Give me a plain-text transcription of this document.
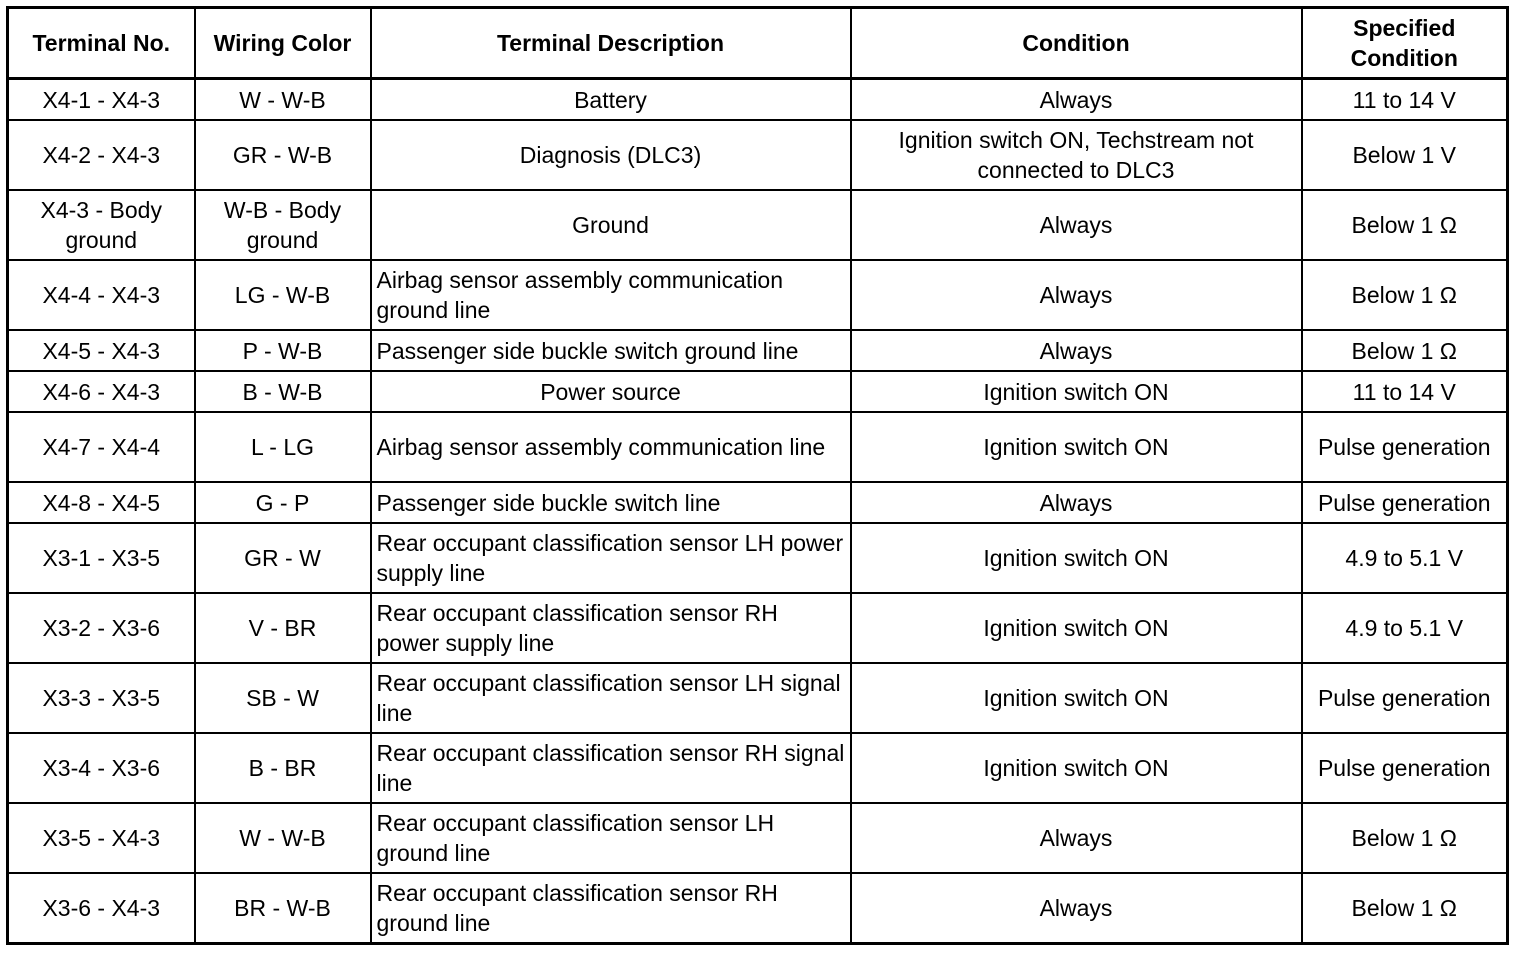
Terminal No.	Wiring Color	Terminal Description	Condition	Specified Condition
X4-1 - X4-3	W - W-B	Battery	Always	11 to 14 V
X4-2 - X4-3	GR - W-B	Diagnosis (DLC3)	Ignition switch ON, Techstream not connected to DLC3	Below 1 V
X4-3 - Body ground	W-B - Body ground	Ground	Always	Below 1 Ω
X4-4 - X4-3	LG - W-B	Airbag sensor assembly communication ground line	Always	Below 1 Ω
X4-5 - X4-3	P - W-B	Passenger side buckle switch ground line	Always	Below 1 Ω
X4-6 - X4-3	B - W-B	Power source	Ignition switch ON	11 to 14 V
X4-7 - X4-4	L - LG	Airbag sensor assembly communication line	Ignition switch ON	Pulse generation
X4-8 - X4-5	G - P	Passenger side buckle switch line	Always	Pulse generation
X3-1 - X3-5	GR - W	Rear occupant classification sensor LH power supply line	Ignition switch ON	4.9 to 5.1 V
X3-2 - X3-6	V - BR	Rear occupant classification sensor RH power supply line	Ignition switch ON	4.9 to 5.1 V
X3-3 - X3-5	SB - W	Rear occupant classification sensor LH signal line	Ignition switch ON	Pulse generation
X3-4 - X3-6	B - BR	Rear occupant classification sensor RH signal line	Ignition switch ON	Pulse generation
X3-5 - X4-3	W - W-B	Rear occupant classification sensor LH ground line	Always	Below 1 Ω
X3-6 - X4-3	BR - W-B	Rear occupant classification sensor RH ground line	Always	Below 1 Ω
